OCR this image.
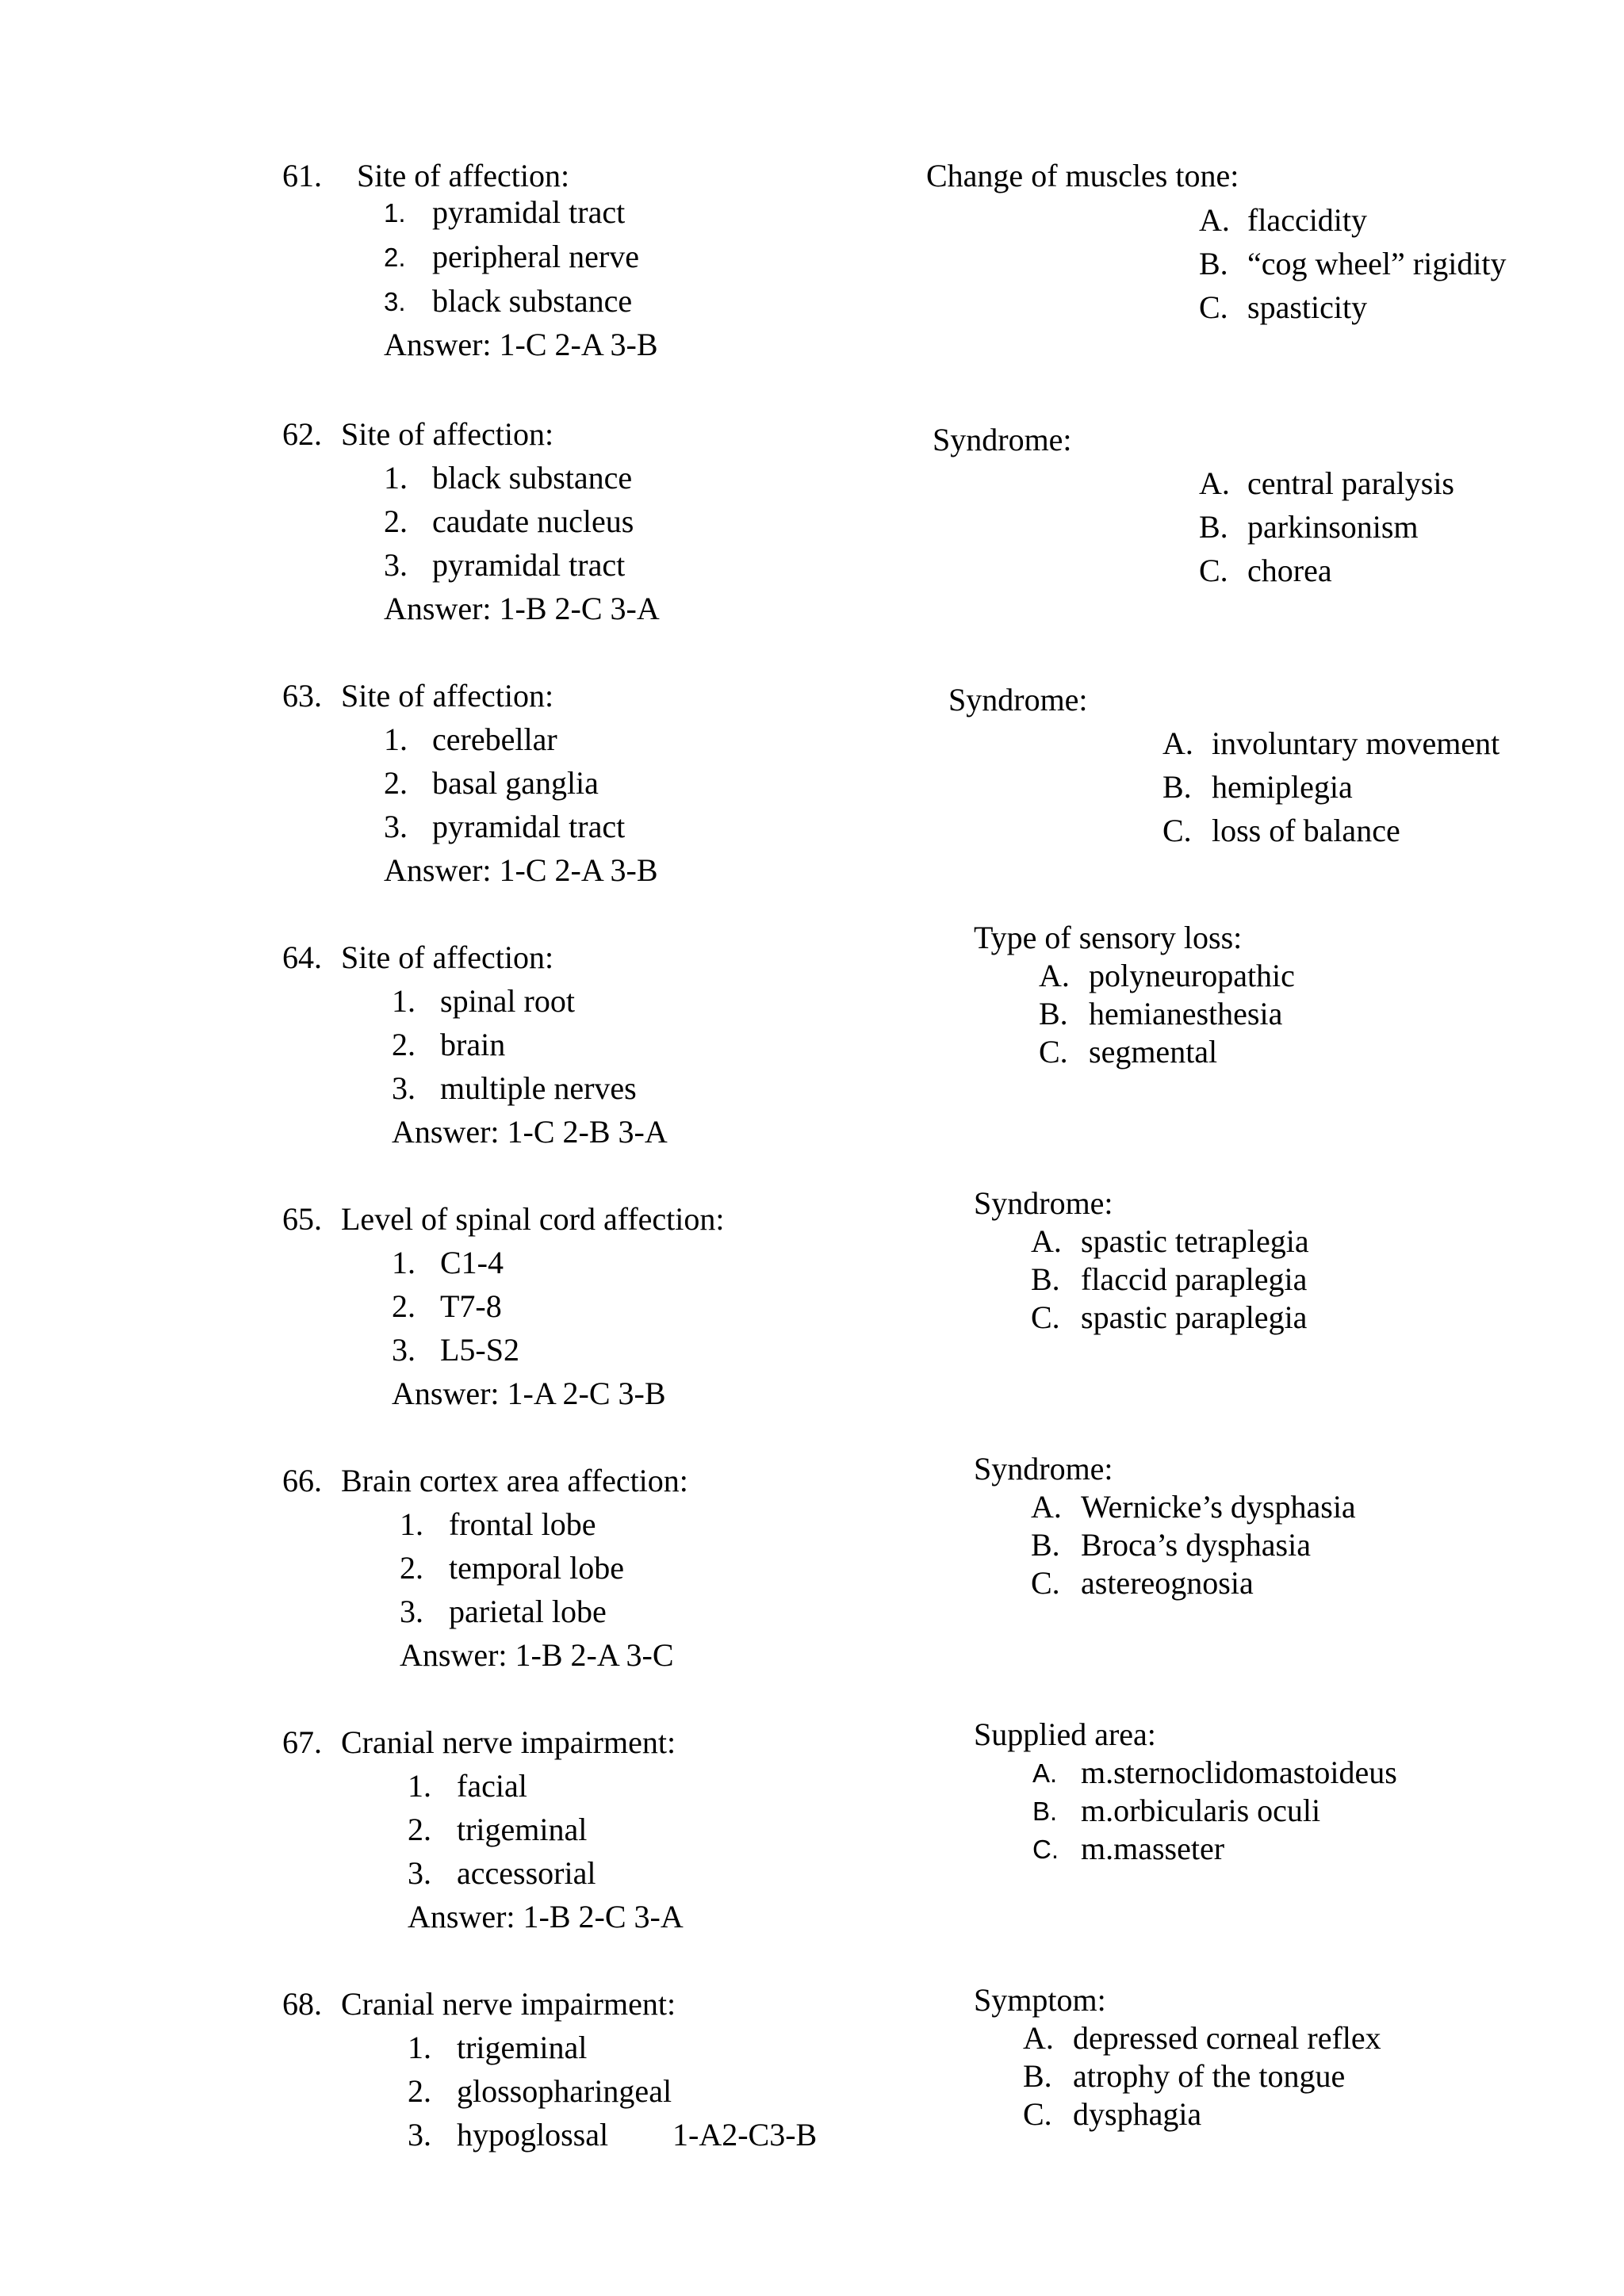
61. Site of affection:
1. pyramidal tract
2. peripheral nerve
3. black substance
Answer: 1-C 2-A 3-B
Change of muscles tone:
A. flaccidity
B. “cog wheel” rigidity
C. spasticity
62. Site of affection:
1. black substance
2. caudate nucleus
3. pyramidal tract
Answer: 1-B 2-C 3-A
Syndrome:
A. central paralysis
B. parkinsonism
C. chorea
63. Site of affection:
1. cerebellar
2. basal ganglia
3. pyramidal tract
Answer: 1-C 2-A 3-B
Syndrome:
A. involuntary movement
B. hemiplegia
C. loss of balance
64. Site of affection:
1. spinal root
2. brain
3. multiple nerves
Answer: 1-C 2-B 3-A
Type of sensory loss:
A. polyneuropathic
B. hemianesthesia
C. segmental
65. Level of spinal cord affection:
1. C1-4
2. T7-8
3. L5-S2
Answer: 1-A 2-C 3-B
Syndrome:
A. spastic tetraplegia
B. flaccid paraplegia
C. spastic paraplegia
66. Brain cortex area affection:
1. frontal lobe
2. temporal lobe
3. parietal lobe
Answer: 1-B 2-A 3-C
Syndrome:
A. Wernicke’s dysphasia
B. Broca’s dysphasia
C. astereognosia
67. Cranial nerve impairment:
1. facial
2. trigeminal
3. accessorial
Answer: 1-B 2-C 3-A
Supplied area:
A. m.sternoclidomastoideus
B. m.orbicularis oculi
C. m.masseter
68. Cranial nerve impairment:
1. trigeminal
2. glossopharingeal
3. hypoglossal 1-A2-C3-B
Symptom:
A. depressed corneal reflex
B. atrophy of the tongue
C. dysphagia
